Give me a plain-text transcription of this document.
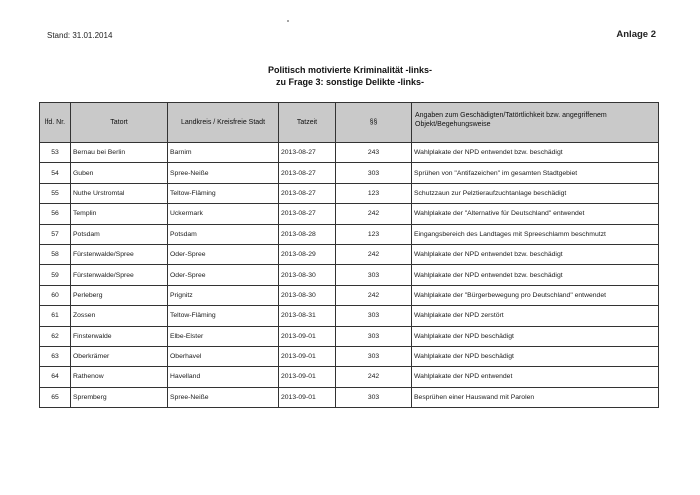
Stand: 31.01.2014	Anlage 2
Politisch motivierte Kriminalität -links-
zu Frage 3: sonstige Delikte -links-
lfd. Nr.	Tatort	Landkreis / Kreisfreie Stadt	Tatzeit	§§	Angaben zum Geschädigten/Tatörtlichkeit bzw. angegriffenem Objekt/Begehungsweise
53	Bernau bei Berlin	Barnim	2013-08-27	243	Wahlplakate der NPD entwendet bzw. beschädigt
54	Guben	Spree-Neiße	2013-08-27	303	Sprühen von "Antifazeichen" im gesamten Stadtgebiet
55	Nuthe Urstromtal	Teltow-Fläming	2013-08-27	123	Schutzzaun zur Pelztieraufzuchtanlage beschädigt
56	Templin	Uckermark	2013-08-27	242	Wahlplakate der "Alternative für Deutschland" entwendet
57	Potsdam	Potsdam	2013-08-28	123	Eingangsbereich des Landtages mit Spreeschlamm beschmutzt
58	Fürstenwalde/Spree	Oder-Spree	2013-08-29	242	Wahlplakate der NPD entwendet bzw. beschädigt
59	Fürstenwalde/Spree	Oder-Spree	2013-08-30	303	Wahlplakate der NPD entwendet bzw. beschädigt
60	Perleberg	Prignitz	2013-08-30	242	Wahlplakate der "Bürgerbewegung pro Deutschland" entwendet
61	Zossen	Teltow-Fläming	2013-08-31	303	Wahlplakate der NPD zerstört
62	Finsterwalde	Elbe-Elster	2013-09-01	303	Wahlplakate der NPD beschädigt
63	Oberkrämer	Oberhavel	2013-09-01	303	Wahlplakate der NPD beschädigt
64	Rathenow	Havelland	2013-09-01	242	Wahlplakate der NPD entwendet
65	Spremberg	Spree-Neiße	2013-09-01	303	Besprühen einer Hauswand mit Parolen
